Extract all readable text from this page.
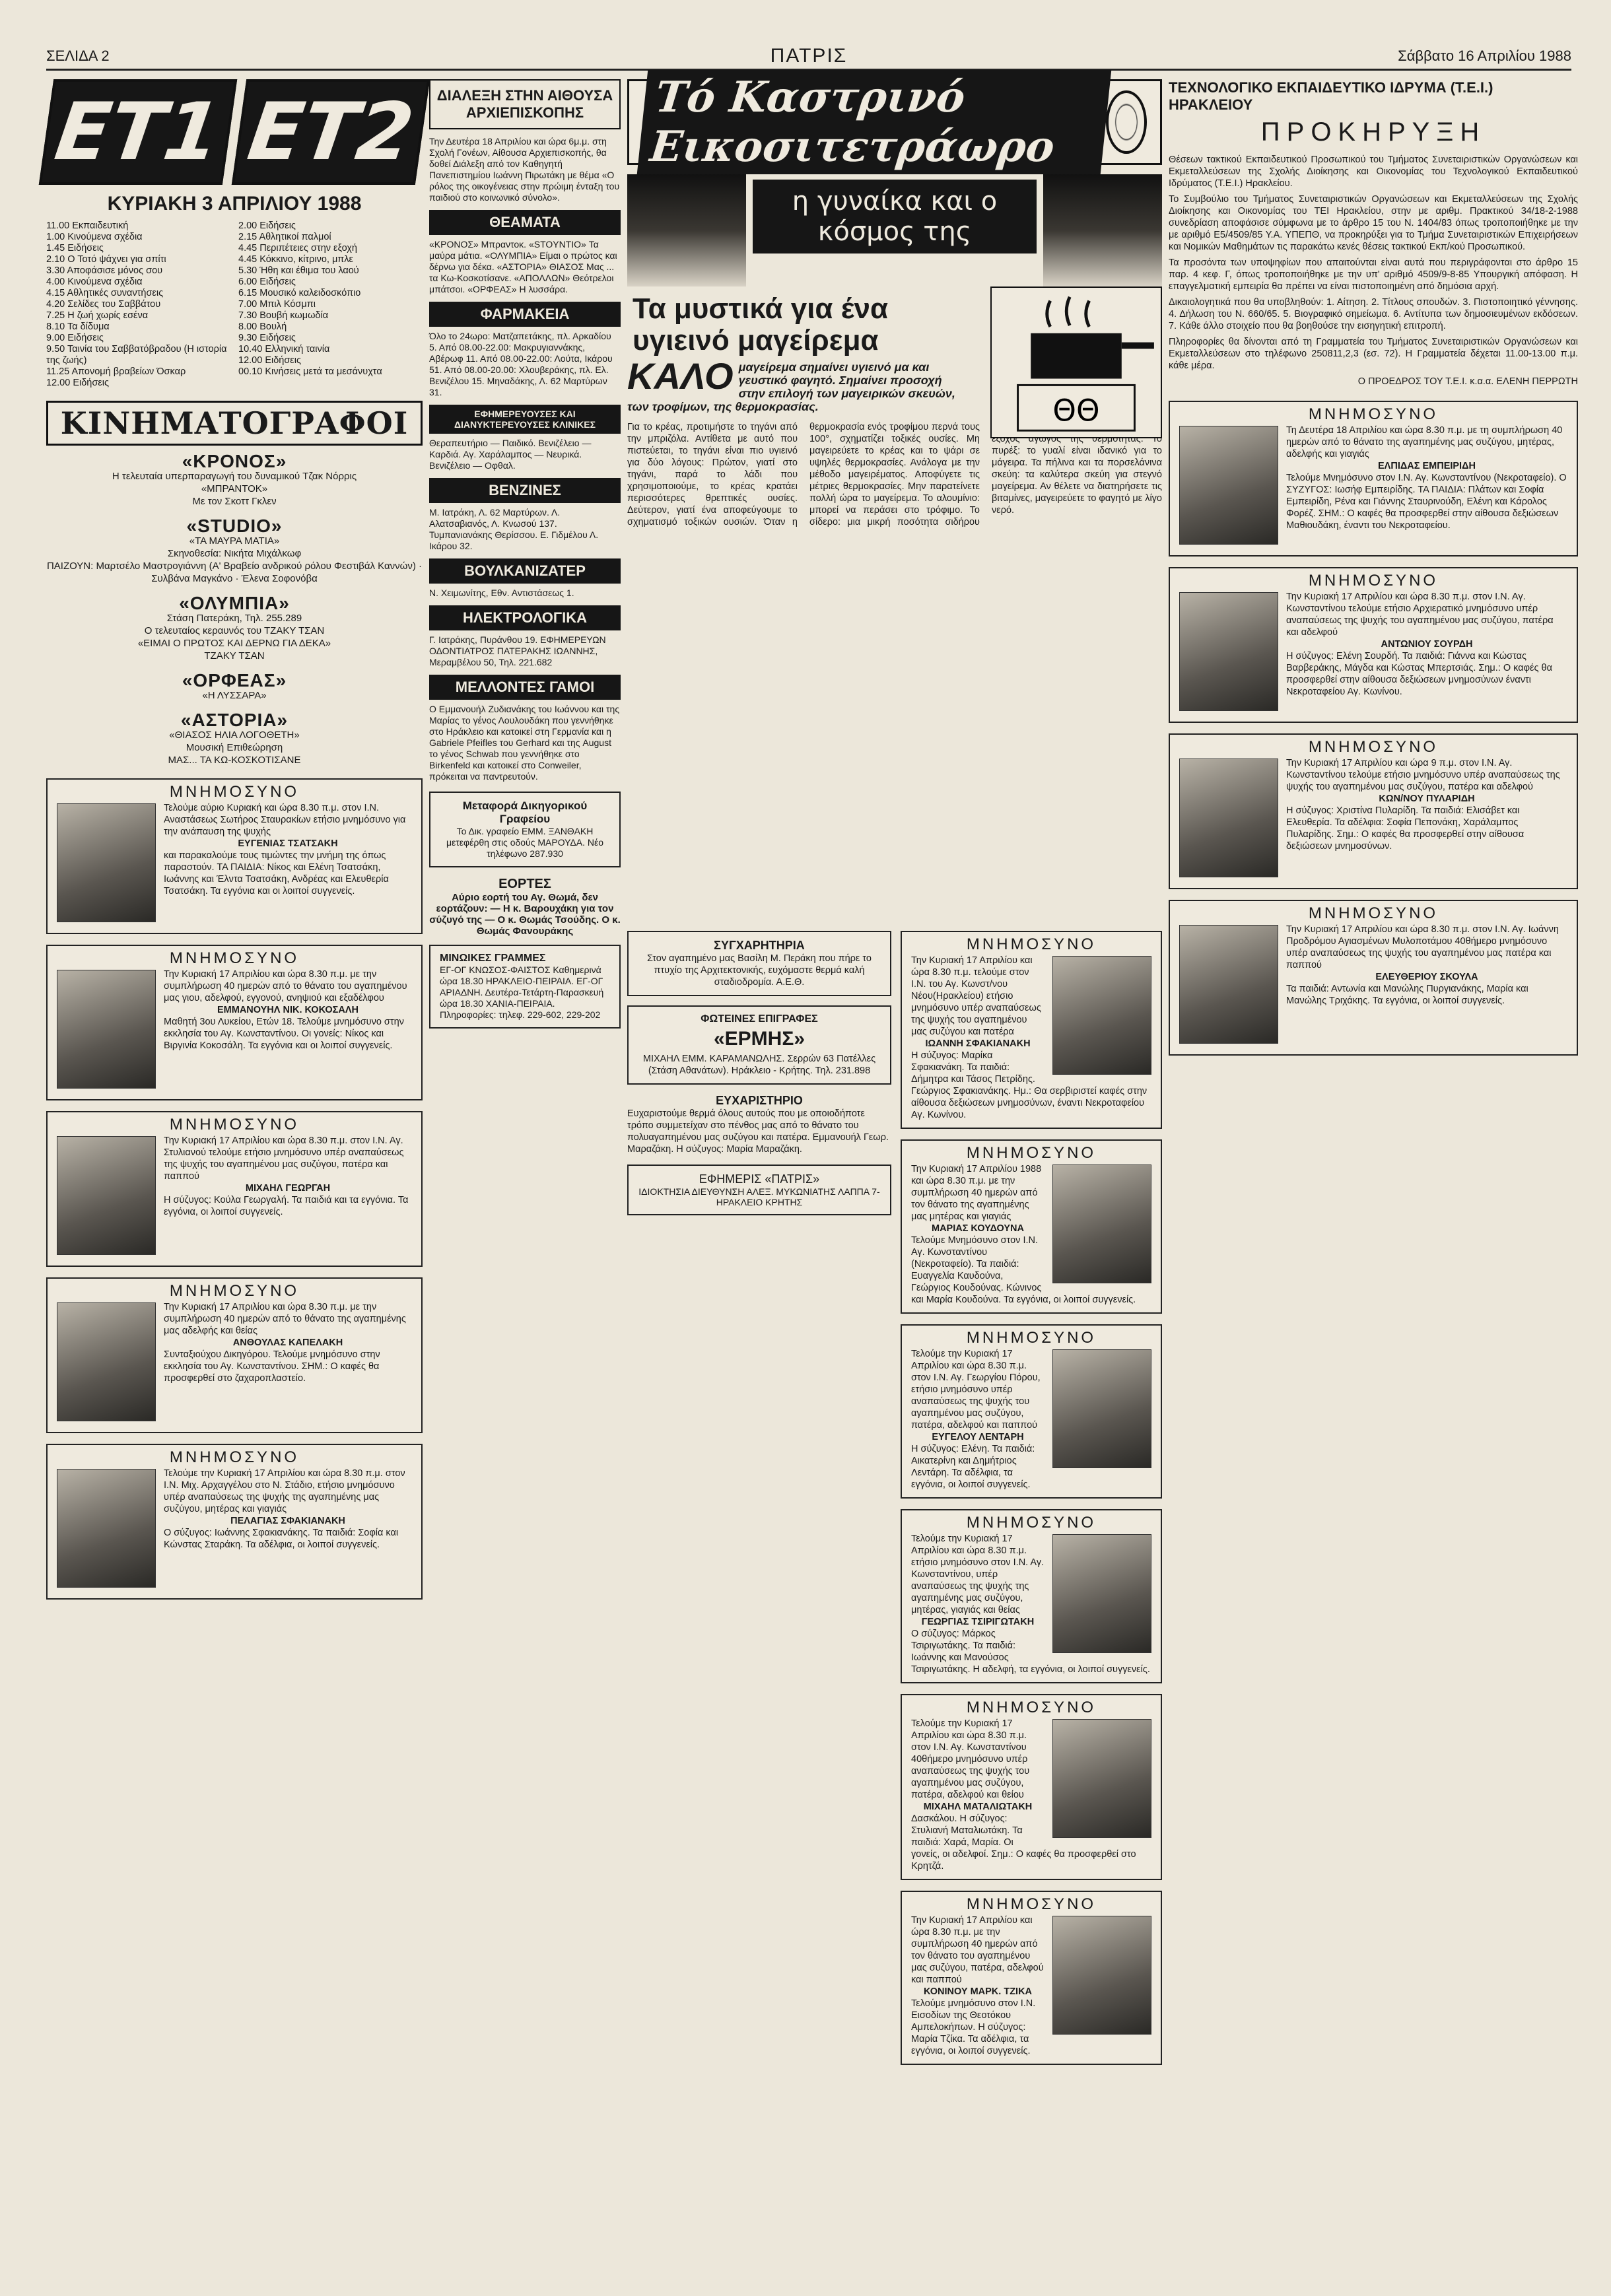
ΣΕΛΙΔΑ 2	ΠΑΤΡΙΣ	Σάββατο 16 Απριλίου 1988
ΕΤ1 ΕΤ2
ΚΥΡΙΑΚΗ 3 ΑΠΡΙΛΙΟΥ 1988
11.00 Εκπαιδευτική
1.00 Κινούμενα σχέδια
1.45 Ειδήσεις
2.10 Ο Τοτό ψάχνει για σπίτι
3.30 Αποφάσισε μόνος σου
4.00 Κινούμενα σχέδια
4.15 Αθλητικές συναντήσεις
4.20 Σελίδες του Σαββάτου
7.25 Η ζωή χωρίς εσένα
8.10 Τα δίδυμα
9.00 Ειδήσεις
9.50 Ταινία του Σαββατόβραδου (Η ιστορία της ζωής)
11.25 Απονομή βραβείων Όσκαρ
12.00 Ειδήσεις
2.00 Ειδήσεις
2.15 Αθλητικοί παλμοί
4.45 Περιπέτειες στην εξοχή
4.45 Κόκκινο, κίτρινο, μπλε
5.30 Ήθη και έθιμα του λαού
6.00 Ειδήσεις
6.15 Μουσικό καλειδοσκόπιο
7.00 Μπιλ Κόσμπι
7.30 Βουβή κωμωδία
8.00 Βουλή
9.30 Ειδήσεις
10.40 Ελληνική ταινία
12.00 Ειδήσεις
00.10 Κινήσεις μετά τα μεσάνυχτα
ΚΙΝΗΜΑΤΟΓΡΑΦΟΙ
«ΚΡΟΝΟΣ»
Η τελευταία υπερπαραγωγή του δυναμικού Τζακ Νόρρις
«ΜΠΡΑΝΤΟΚ»
Με τον Σκοττ Γκλεν
«STUDIO»
«ΤΑ ΜΑΥΡΑ ΜΑΤΙΑ»
Σκηνοθεσία: Νικήτα Μιχάλκωφ
ΠΑΙΖΟΥΝ: Μαρτσέλο Μαστρογιάννη (Α' Βραβείο ανδρικού ρόλου Φεστιβάλ Καννών) · Συλβάνα Μαγκάνο · Έλενα Σοφονόβα
«ΟΛΥΜΠΙΑ»
Στάση Πατεράκη, Τηλ. 255.289
Ο τελευταίος κεραυνός του ΤΖΑΚΥ ΤΣΑΝ
«ΕΙΜΑΙ Ο ΠΡΩΤΟΣ ΚΑΙ ΔΕΡΝΩ ΓΙΑ ΔΕΚΑ»
ΤΖΑΚΥ ΤΣΑΝ
«ΟΡΦΕΑΣ»
«Η ΛΥΣΣΑΡΑ»
«ΑΣΤΟΡΙΑ»
«ΘΙΑΣΟΣ ΗΛΙΑ ΛΟΓΟΘΕΤΗ»
Μουσική Επιθεώρηση
ΜΑΣ... ΤΑ ΚΩ-ΚΟΣΚΟΤΙΣΑΝΕ
ΜΝΗΜΟΣΥΝΟ
Τελούμε αύριο Κυριακή και ώρα 8.30 π.μ. στον Ι.Ν. Αναστάσεως Σωτήρος Σταυρακίων ετήσιο μνημόσυνο για την ανάπαυση της ψυχής
ΕΥΓΕΝΙΑΣ ΤΣΑΤΣΑΚΗ
και παρακαλούμε τους τιμώντες την μνήμη της όπως παραστούν. ΤΑ ΠΑΙΔΙΑ: Νίκος και Ελένη Τσατσάκη, Ιωάννης και Έλντα Τσατσάκη, Ανδρέας και Ελευθερία Τσατσάκη. Τα εγγόνια και οι λοιποί συγγενείς.
ΜΝΗΜΟΣΥΝΟ
Την Κυριακή 17 Απριλίου και ώρα 8.30 π.μ. με την συμπλήρωση 40 ημερών από το θάνατο του αγαπημένου μας γιου, αδελφού, εγγονού, ανηψιού και εξαδέλφου
ΕΜΜΑΝΟΥΗΛ ΝΙΚ. ΚΟΚΟΣΑΛΗ
Μαθητή 3ου Λυκείου, Ετών 18. Τελούμε μνημόσυνο στην εκκλησία του Αγ. Κωνσταντίνου. Οι γονείς: Νίκος και Βιργινία Κοκοσάλη. Τα εγγόνια και οι λοιποί συγγενείς.
ΜΝΗΜΟΣΥΝΟ
Την Κυριακή 17 Απριλίου και ώρα 8.30 π.μ. στον Ι.Ν. Αγ. Στυλιανού τελούμε ετήσιο μνημόσυνο υπέρ αναπαύσεως της ψυχής του αγαπημένου μας συζύγου, πατέρα και παππού
ΜΙΧΑΗΛ ΓΕΩΡΓΑΗ
Η σύζυγος: Κούλα Γεωργαλή. Τα παιδιά και τα εγγόνια. Τα εγγόνια, οι λοιποί συγγενείς.
ΜΝΗΜΟΣΥΝΟ
Την Κυριακή 17 Απριλίου και ώρα 8.30 π.μ. με την συμπλήρωση 40 ημερών από το θάνατο της αγαπημένης μας αδελφής και θείας
ΑΝΘΟΥΛΑΣ ΚΑΠΕΛΑΚΗ
Συνταξιούχου Δικηγόρου. Τελούμε μνημόσυνο στην εκκλησία του Αγ. Κωνσταντίνου. ΣΗΜ.: Ο καφές θα προσφερθεί στο ζαχαροπλαστείο.
ΜΝΗΜΟΣΥΝΟ
Τελούμε την Κυριακή 17 Απριλίου και ώρα 8.30 π.μ. στον Ι.Ν. Μιχ. Αρχαγγέλου στο Ν. Στάδιο, ετήσιο μνημόσυνο υπέρ αναπαύσεως της ψυχής της αγαπημένης μας συζύγου, μητέρας και γιαγιάς
ΠΕΛΑΓΙΑΣ ΣΦΑΚΙΑΝΑΚΗ
Ο σύζυγος: Ιωάννης Σφακιανάκης. Τα παιδιά: Σοφία και Κώνστας Σταράκη. Τα αδέλφια, οι λοιποί συγγενείς.
ΔΙΑΛΕΞΗ ΣΤΗΝ ΑΙΘΟΥΣΑ ΑΡΧΙΕΠΙΣΚΟΠΗΣ
Την Δευτέρα 18 Απριλίου και ώρα 6μ.μ. στη Σχολή Γονέων, Αίθουσα Αρχιεπισκοπής, θα δοθεί Διάλεξη από τον Καθηγητή Πανεπιστημίου Ιωάννη Πιρωτάκη με θέμα «Ο ρόλος της οικογένειας στην πρώιμη ένταξη του παιδιού στο κοινωνικό σύνολο».
ΘΕΑΜΑΤΑ
«ΚΡΟΝΟΣ» Μπραντοκ. «STOYNTIO» Τα μαύρα μάτια. «ΟΛΥΜΠΙΑ» Είμαι ο πρώτος και δέρνω για δέκα. «ΑΣΤΟΡΙΑ» ΘΙΑΣΟΣ Μας ... τα Κω-Κοσκοτίσανε. «ΑΠΟΛΛΩΝ» Θεότρελοι μπάτσοι. «ΟΡΦΕΑΣ» Η λυσσάρα.
ΦΑΡΜΑΚΕΙΑ
Όλο το 24ωρο: Ματζαπετάκης, πλ. Αρκαδίου 5. Από 08.00-22.00: Μακρυγιαννάκης, Αβέρωφ 11. Από 08.00-22.00: Λούτα, Ικάρου 51. Από 08.00-20.00: Χλουβεράκης, πλ. Ελ. Βενιζέλου 15. Μηναδάκης, Λ. 62 Μαρτύρων 31.
ΕΦΗΜΕΡΕΥΟΥΣΕΣ ΚΑΙ ΔΙΑΝΥΚΤΕΡΕΥΟΥΣΕΣ ΚΛΙΝΙΚΕΣ
Θεραπευτήριο — Παιδικό. Βενιζέλειο — Καρδιά. Αγ. Χαράλαμπος — Νευρικά. Βενιζέλειο — Οφθαλ.
ΒΕΝΖΙΝΕΣ
Μ. Ιατράκη, Λ. 62 Μαρτύρων. Λ. Αλατσαβιανός, Λ. Κνωσού 137. Τυμπανιανάκης Θερίσσου. Ε. Γιδμέλου Λ. Ικάρου 32.
ΒΟΥΛΚΑΝΙΖΑΤΕΡ
Ν. Χειμωνίτης, Εθν. Αντιστάσεως 1.
ΗΛΕΚΤΡΟΛΟΓΙΚΑ
Γ. Ιατράκης, Πυράνθου 19. ΕΦΗΜΕΡΕΥΩΝ ΟΔΟΝΤΙΑΤΡΟΣ ΠΑΤΕΡΑΚΗΣ ΙΩΑΝΝΗΣ, Μεραμβέλου 50, Τηλ. 221.682
ΜΕΛΛΟΝΤΕΣ ΓΑΜΟΙ
Ο Εμμανουήλ Ζυδιανάκης του Ιωάννου και της Μαρίας το γένος Λουλουδάκη που γεννήθηκε στο Ηράκλειο και κατοικεί στη Γερμανία και η Gabriele Pfeifles του Gerhard και της August το γένος Schwab που γεννήθηκε στο Birkenfeld και κατοικεί στο Conweiler, πρόκειται να παντρευτούν.
Μεταφορά Δικηγορικού Γραφείου
Το Δικ. γραφείο ΕΜΜ. ΞΑΝΘΑΚΗ μετεφέρθη στις οδούς ΜΑΡΟΥΔΑ. Νέο τηλέφωνο 287.930
ΕΟΡΤΕΣ
Αύριο εορτή του Αγ. Θωμά, δεν εορτάζουν: — Η κ. Βαρουχάκη για τον σύζυγό της — Ο κ. Θωμάς Τσούδης. Ο κ. Θωμάς Φανουράκης
ΜΙΝΩΙΚΕΣ ΓΡΑΜΜΕΣ
ΕΓ-ΟΓ ΚΝΩΣΟΣ-ΦΑΙΣΤΟΣ Καθημερινά ώρα 18.30 ΗΡΑΚΛΕΙΟ-ΠΕΙΡΑΙΑ. ΕΓ-ΟΓ ΑΡΙΑΔΝΗ. Δευτέρα-Τετάρτη-Παρασκευή ώρα 18.30 ΧΑΝΙΑ-ΠΕΙΡΑΙΑ. Πληροφορίες: τηλεφ. 229-602, 229-202
Τό Καστρινό Εικοσιτετράωρο
η γυναίκα και ο κόσμος της
Τα μυστικά για ένα υγιεινό μαγείρεμα
ΚΑΛΟ μαγείρεμα σημαίνει υγιεινό μα και γευστικό φαγητό. Σημαίνει προσοχή στην επιλογή των μαγειρικών σκευών, των τροφίμων, της θερμοκρασίας.	ΘΘ
Για το κρέας, προτιμήστε το τηγάνι από την μπριζόλα. Αντίθετα με αυτό που πιστεύεται, το τηγάνι είναι πιο υγιεινό για δύο λόγους: Πρώτον, γιατί στο τηγάνι, παρά το λάδι που χρησιμοποιούμε, το κρέας κρατάει περισσότερες θρεπτικές ουσίες. Δεύτερον, γιατί ένα αποφεύγουμε το σχηματισμό τοξικών ουσιών. Όταν η θερμοκρασία ενός τροφίμου περνά τους 100°, σχηματίζει τοξικές ουσίες. Μη μαγειρεύετε το κρέας και το ψάρι σε υψηλές θερμοκρασίες. Ανάλογα με την μέθοδο μαγειρέματος. Αποφύγετε τις μέτριες θερμοκρασίες. Μην παρατείνετε πολλή ώρα το μαγείρεμα. Το αλουμίνιο: μπορεί να περάσει στο τρόφιμο. Το σίδερο: μια μικρή ποσότητα σιδήρου περνάει στα τρόφιμα. Ο χαλκός: είναι έξοχος αγωγός της θερμότητας. Το πυρέξ: το γυαλί είναι ιδανικό για το μάγειρα. Τα πήλινα και τα πορσελάνινα σκεύη: τα καλύτερα σκεύη για στεγνό μαγείρεμα. Αν θέλετε να διατηρήσετε τις βιταμίνες, μαγειρεύετε το φαγητό με λίγο νερό.
ΣΥΓΧΑΡΗΤΗΡΙΑ
Στον αγαπημένο μας Βασίλη Μ. Περάκη που πήρε το πτυχίο της Αρχιτεκτονικής, ευχόμαστε θερμά καλή σταδιοδρομία. Α.Ε.Θ.
ΦΩΤΕΙΝΕΣ ΕΠΙΓΡΑΦΕΣ
«ΕΡΜΗΣ»
ΜΙΧΑΗΛ ΕΜΜ. ΚΑΡΑΜΑΝΩΛΗΣ. Σερρών 63 Πατέλλες (Στάση Αθανάτων). Ηράκλειο - Κρήτης. Τηλ. 231.898
ΕΥΧΑΡΙΣΤΗΡΙΟ
Ευχαριστούμε θερμά όλους αυτούς που με οποιοδήποτε τρόπο συμμετείχαν στο πένθος μας από το θάνατο του πολυαγαπημένου μας συζύγου και πατέρα. Εμμανουήλ Γεωρ. Μαραζάκη. Η σύζυγος: Μαρία Μαραζάκη.
ΕΦΗΜΕΡΙΣ «ΠΑΤΡΙΣ»
ΙΔΙΟΚΤΗΣΙΑ ΔΙΕΥΘΥΝΣΗ ΑΛΕΞ. ΜΥΚΩΝΙΑΤΗΣ ΛΑΠΠΑ 7-ΗΡΑΚΛΕΙΟ ΚΡΗΤΗΣ
ΜΝΗΜΟΣΥΝΟ
Την Κυριακή 17 Απριλίου και ώρα 8.30 π.μ. τελούμε στον Ι.Ν. του Αγ. Κωνστ/νου Νέου(Ηρακλείου) ετήσιο μνημόσυνο υπέρ αναπαύσεως της ψυχής του αγαπημένου μας συζύγου και πατέρα
ΙΩΑΝΝΗ ΣΦΑΚΙΑΝΑΚΗ
Η σύζυγος: Μαρίκα Σφακιανάκη. Τα παιδιά: Δήμητρα και Τάσος Πετρίδης. Γεώργιος Σφακιανάκης. Ημ.: Θα σερβιριστεί καφές στην αίθουσα δεξιώσεων μνημοσύνων, έναντι Νεκροταφείου Αγ. Κωνίνου.
ΜΝΗΜΟΣΥΝΟ
Την Κυριακή 17 Απριλίου 1988 και ώρα 8.30 π.μ. με την συμπλήρωση 40 ημερών από τον θάνατο της αγαπημένης μας μητέρας και γιαγιάς
ΜΑΡΙΑΣ ΚΟΥΔΟΥΝΑ
Τελούμε Μνημόσυνο στον Ι.Ν. Αγ. Κωνσταντίνου (Νεκροταφείο). Τα παιδιά: Ευαγγελία Καυδούνα, Γεώργιος Κουδούνας. Κώνινος και Μαρία Κουδούνα. Τα εγγόνια, οι λοιποί συγγενείς.
ΜΝΗΜΟΣΥΝΟ
Τελούμε την Κυριακή 17 Απριλίου και ώρα 8.30 π.μ. στον Ι.Ν. Αγ. Γεωργίου Πόρου, ετήσιο μνημόσυνο υπέρ αναπαύσεως της ψυχής του αγαπημένου μας συζύγου, πατέρα, αδελφού και παππού
ΕΥΓΕΛΟΥ ΛΕΝΤΑΡΗ
Η σύζυγος: Ελένη. Τα παιδιά: Αικατερίνη και Δημήτριος Λεντάρη. Τα αδέλφια, τα εγγόνια, οι λοιποί συγγενείς.
ΜΝΗΜΟΣΥΝΟ
Τελούμε την Κυριακή 17 Απριλίου και ώρα 8.30 π.μ. ετήσιο μνημόσυνο στον Ι.Ν. Αγ. Κωνσταντίνου, υπέρ αναπαύσεως της ψυχής της αγαπημένης μας συζύγου, μητέρας, γιαγιάς και θείας
ΓΕΩΡΓΙΑΣ ΤΣΙΡΙΓΩΤΑΚΗ
Ο σύζυγος: Μάρκος Τσιριγωτάκης. Τα παιδιά: Ιωάννης και Μανούσος Τσιριγωτάκης. Η αδελφή, τα εγγόνια, οι λοιποί συγγενείς.
ΜΝΗΜΟΣΥΝΟ
Τελούμε την Κυριακή 17 Απριλίου και ώρα 8.30 π.μ. στον Ι.Ν. Αγ. Κωνσταντίνου 40θήμερο μνημόσυνο υπέρ αναπαύσεως της ψυχής του αγαπημένου μας συζύγου, πατέρα, αδελφού και θείου
ΜΙΧΑΗΛ ΜΑΤΑΛΙΩΤΑΚΗ
Δασκάλου. Η σύζυγος: Στυλιανή Ματαλιωτάκη. Τα παιδιά: Χαρά, Μαρία. Οι γονείς, οι αδελφοί. Σημ.: Ο καφές θα προσφερθεί στο Κρητζά.
ΜΝΗΜΟΣΥΝΟ
Την Κυριακή 17 Απριλίου και ώρα 8.30 π.μ. με την συμπλήρωση 40 ημερών από τον θάνατο του αγαπημένου μας συζύγου, πατέρα, αδελφού και παππού
ΚΟΝΙΝΟΥ ΜΑΡΚ. ΤΖΙΚΑ
Τελούμε μνημόσυνο στον Ι.Ν. Εισοδίων της Θεοτόκου Αμπελοκήπων. Η σύζυγος: Μαρία Τζίκα. Τα αδέλφια, τα εγγόνια, οι λοιποί συγγενείς.
ΤΕΧΝΟΛΟΓΙΚΟ ΕΚΠΑΙΔΕΥΤΙΚΟ ΙΔΡΥΜΑ (Τ.Ε.Ι.) ΗΡΑΚΛΕΙΟΥ
ΠΡΟΚΗΡΥΞΗ

Θέσεων τακτικού Εκπαιδευτικού Προσωπικού του Τμήματος Συνεταιριστικών Οργανώσεων και Εκμεταλλεύσεων της Σχολής Διοίκησης και Οικονομίας του Τεχνολογικού Εκπαιδευτικού Ιδρύματος (Τ.Ε.Ι.) Ηρακλείου.

Το Συμβούλιο του Τμήματος Συνεταιριστικών Οργανώσεων και Εκμεταλλεύσεων της Σχολής Διοίκησης και Οικονομίας του ΤΕΙ Ηρακλείου, στην με αριθμ. Πρακτικού 34/18-2-1988 συνεδρίαση αποφάσισε σύμφωνα με το άρθρο 15 του Ν. 1404/83 όπως τροποποιήθηκε με την με αριθμό Ε5/4509/85 Υ.Α. ΥΠΕΠΘ, να προκηρύξει για το Τμήμα Συνεταιριστικών Επιχειρήσεων και Νομικών Μαθημάτων τις παρακάτω κενές θέσεις τακτικού Εκπ/κού Προσωπικού.

Τα προσόντα των υποψηφίων που απαιτούνται είναι αυτά που περιγράφονται στο άρθρο 15 παρ. 4 κεφ. Γ, όπως τροποποιήθηκε με την υπ' αριθμό 4509/9-8-85 Υπουργική απόφαση. Η επαγγελματική εμπειρία θα πρέπει να είναι πιστοποιημένη από δημόσια αρχή.

Δικαιολογητικά που θα υποβληθούν: 1. Αίτηση. 2. Τίτλους σπουδών. 3. Πιστοποιητικό γέννησης. 4. Δήλωση του Ν. 660/65. 5. Βιογραφικό σημείωμα. 6. Αντίτυπα των δημοσιευμένων εκδόσεων. 7. Κάθε άλλο στοιχείο που θα βοηθούσε την εισηγητική επιτροπή.

Πληροφορίες θα δίνονται από τη Γραμματεία του Τμήματος Συνεταιριστικών Οργανώσεων και Εκμεταλλεύσεων στο τηλέφωνο 250811,2,3 (εσ. 72). Η Γραμματεία δέχεται 11.00-13.00 π.μ. κάθε μέρα.

Ο ΠΡΟΕΔΡΟΣ ΤΟΥ Τ.Ε.Ι. κ.α.α. ΕΛΕΝΗ ΠΕΡΡΩΤΗ

ΜΝΗΜΟΣΥΝΟ
Τη Δευτέρα 18 Απριλίου και ώρα 8.30 π.μ. με τη συμπλήρωση 40 ημερών από το θάνατο της αγαπημένης μας συζύγου, μητέρας, αδελφής και γιαγιάς
ΕΛΠΙΔΑΣ ΕΜΠΕΙΡΙΔΗ
Τελούμε Μνημόσυνο στον Ι.Ν. Αγ. Κωνσταντίνου (Νεκροταφείο). Ο ΣΥΖΥΓΟΣ: Ιωσήφ Εμπειρίδης. ΤΑ ΠΑΙΔΙΑ: Πλάτων και Σοφία Εμπειρίδη, Ρένα και Γιάννης Σταυρινούδη, Ελένη και Κάρολος Φορέζ. ΣΗΜ.: Ο καφές θα προσφερθεί στην αίθουσα δεξιώσεων Μαθιουδάκη, έναντι του Νεκροταφείου.
ΜΝΗΜΟΣΥΝΟ
Την Κυριακή 17 Απριλίου και ώρα 8.30 π.μ. στον Ι.Ν. Αγ. Κωνσταντίνου τελούμε ετήσιο Αρχιερατικό μνημόσυνο υπέρ αναπαύσεως της ψυχής του αγαπημένου μας συζύγου, πατέρα και αδελφού
ΑΝΤΩΝΙΟΥ ΣΟΥΡΔΗ
Η σύζυγος: Ελένη Σουρδή. Τα παιδιά: Γιάννα και Κώστας Βαρβεράκης, Μάγδα και Κώστας Μπερτσιάς. Σημ.: Ο καφές θα προσφερθεί στην αίθουσα δεξιώσεων μνημοσύνων έναντι Νεκροταφείου Αγ. Κωνίνου.
ΜΝΗΜΟΣΥΝΟ
Την Κυριακή 17 Απριλίου και ώρα 9 π.μ. στον Ι.Ν. Αγ. Κωνσταντίνου τελούμε ετήσιο μνημόσυνο υπέρ αναπαύσεως της ψυχής του αγαπημένου μας συζύγου, πατέρα και αδελφού
ΚΩΝ/ΝΟΥ ΠΥΛΑΡΙΔΗ
Η σύζυγος: Χριστίνα Πυλαρίδη. Τα παιδιά: Ελισάβετ και Ελευθερία. Τα αδέλφια: Σοφία Πεπονάκη, Χαράλαμπος Πυλαρίδης. Σημ.: Ο καφές θα προσφερθεί στην αίθουσα δεξιώσεων μνημοσύνων.
ΜΝΗΜΟΣΥΝΟ
Την Κυριακή 17 Απριλίου και ώρα 8.30 π.μ. στον Ι.Ν. Αγ. Ιωάννη Προδρόμου Αγιασμένων Μυλοποτάμου 40θήμερο μνημόσυνο υπέρ αναπαύσεως της ψυχής του αγαπημένου μας πατέρα και παππού
ΕΛΕΥΘΕΡΙΟΥ ΣΚΟΥΛΑ
Τα παιδιά: Αντωνία και Μανώλης Πυργιανάκης, Μαρία και Μανώλης Τριχάκης. Τα εγγόνια, οι λοιποί συγγενείς.
